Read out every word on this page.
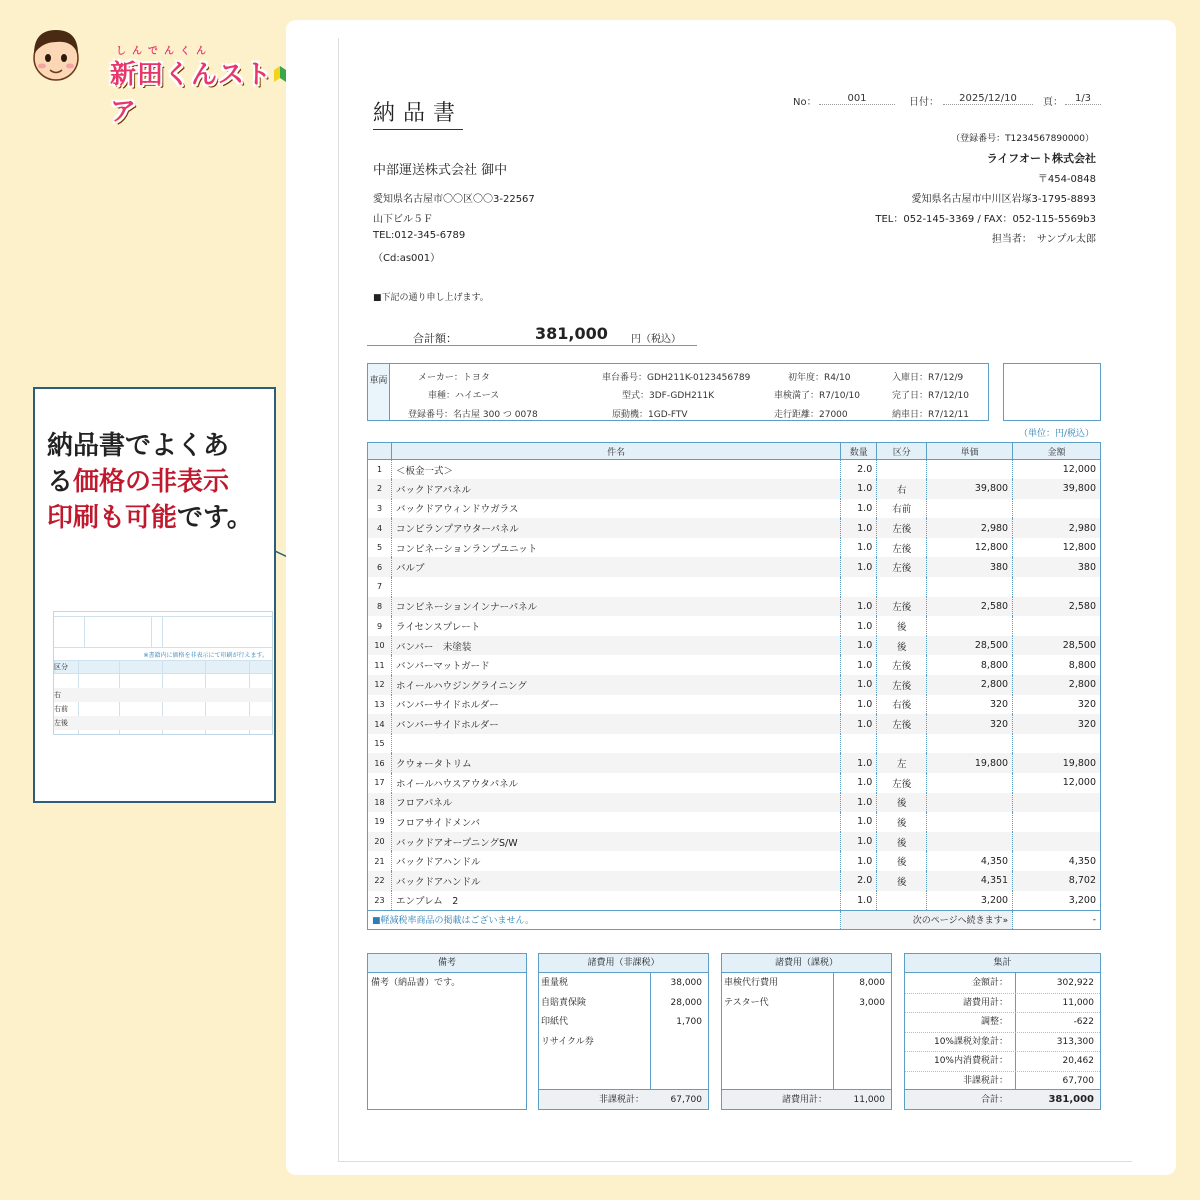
しんでんくん
新田くんストア
納品書でよくあ
る価格の非表示
印刷も可能です。
※書籍内に価格を非表示にて印刷が行えます。
区分
右
右前
左後
納品書	No：	001	日付：	2025/12/10	頁：	1/3
（登録番号：T1234567890000）
中部運送株式会社 御中
愛知県名古屋市〇〇区〇〇3-22567
山下ビル５Ｆ
TEL:012-345-6789
（Cd:as001）
ライフオート株式会社
〒454-0848
愛知県名古屋市中川区岩塚3-1795-8893
TEL：052-145-3369 / FAX：052-115-5569b3
担当者：　サンプル太郎
■下記の通り申し上げます。
合計額：	381,000 円（税込）
車両	メーカー：トヨタ
車種：ハイエース
登録番号：名古屋 300 つ 0078
車台番号：GDH211K-0123456789
型式：3DF-GDH211K
原動機：1GD-FTV
初年度：R4/10
車検満了：R7/10/10
走行距離：27000
入庫日：R7/12/9
完了日：R7/12/10
納車日：R7/12/11
（単位：円/税込）
	件名	数量	区分	単価	金額
1	＜板金一式＞	2.0			12,000
2	バックドアパネル	1.0	右	39,800	39,800
3	バックドアウィンドウガラス	1.0	右前		
4	コンビランプアウターパネル	1.0	左後	2,980	2,980
5	コンビネーションランプユニット	1.0	左後	12,800	12,800
6	バルブ	1.0	左後	380	380
7					
8	コンビネーションインナーパネル	1.0	左後	2,580	2,580
9	ライセンスプレート	1.0	後		
10	バンパー　未塗装	1.0	後	28,500	28,500
11	バンパーマットガード	1.0	左後	8,800	8,800
12	ホイールハウジングライニング	1.0	左後	2,800	2,800
13	バンパーサイドホルダー	1.0	右後	320	320
14	バンパーサイドホルダー	1.0	左後	320	320
15					
16	クウォータトリム	1.0	左	19,800	19,800
17	ホイールハウスアウタパネル	1.0	左後		12,000
18	フロアパネル	1.0	後		
19	フロアサイドメンバ	1.0	後		
20	バックドアオープニングS/W	1.0	後		
21	バックドアハンドル	1.0	後	4,350	4,350
22	バックドアハンドル	2.0	後	4,351	8,702
23	エンブレム　2	1.0		3,200	3,200
■軽減税率商品の掲載はございません。		次のページへ続きます»			-
備考
備考（納品書）です。
諸費用（非課税）
重量税	38,000
自賠責保険	28,000
印紙代	1,700
リサイクル券
非課税計：	67,700
諸費用（課税）
車検代行費用	8,000
テスター代	3,000
諸費用計：	11,000
集計
金額計：	302,922
諸費用計：	11,000
調整：	-622
10%課税対象計：	313,300
10%内消費税計：	20,462
非課税計：	67,700
合計：	381,000
